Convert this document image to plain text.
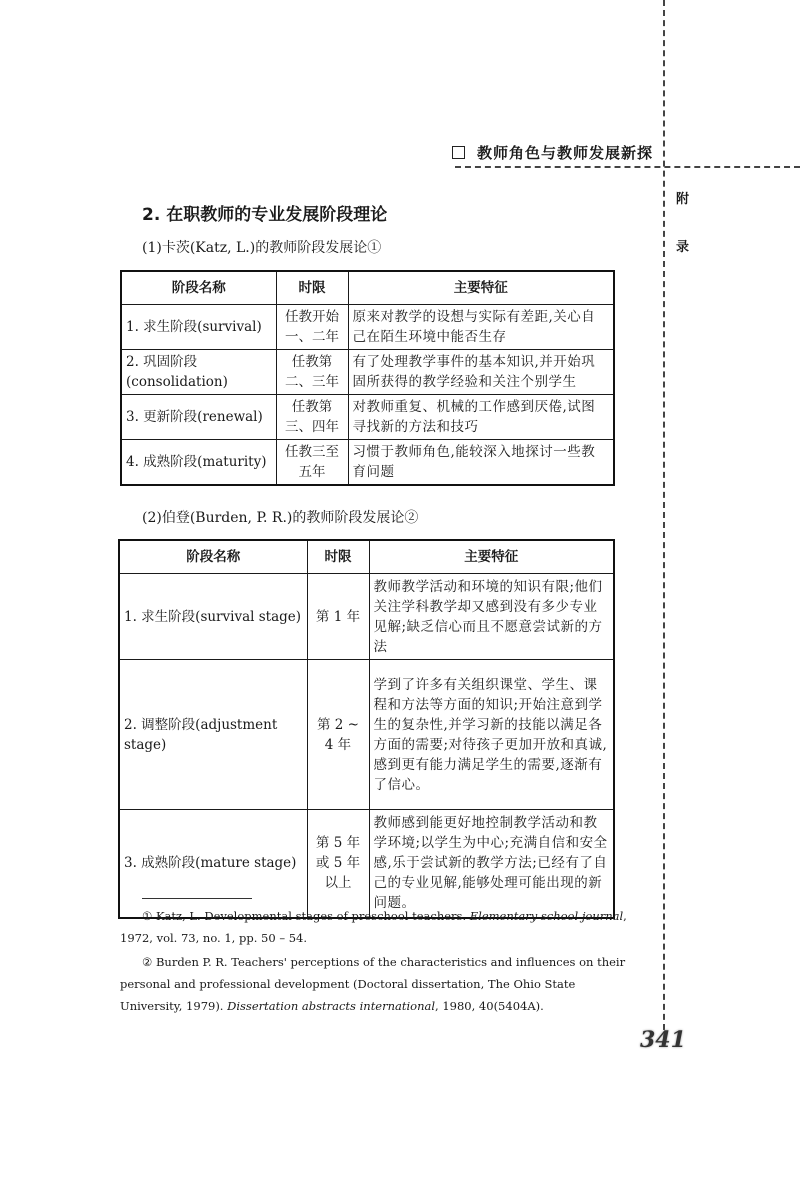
教师角色与教师发展新探
附
录
2. 在职教师的专业发展阶段理论
(1)卡茨(Katz, L.)的教师阶段发展论①
阶段名称	时限	主要特征
1. 求生阶段(survival)	任教开始一、二年	原来对教学的设想与实际有差距,关心自己在陌生环境中能否生存
2. 巩固阶段(consolidation)	任教第二、三年	有了处理教学事件的基本知识,并开始巩固所获得的教学经验和关注个别学生
3. 更新阶段(renewal)	任教第三、四年	对教师重复、机械的工作感到厌倦,试图寻找新的方法和技巧
4. 成熟阶段(maturity)	任教三至五年	习惯于教师角色,能较深入地探讨一些教育问题
(2)伯登(Burden, P. R.)的教师阶段发展论②
阶段名称	时限	主要特征
1. 求生阶段(survival stage)	第 1 年	教师教学活动和环境的知识有限;他们关注学科教学却又感到没有多少专业见解;缺乏信心而且不愿意尝试新的方法
2. 调整阶段(adjustment stage)	第 2 ~ 4 年	学到了许多有关组织课堂、学生、课程和方法等方面的知识;开始注意到学生的复杂性,并学习新的技能以满足各方面的需要;对待孩子更加开放和真诚,感到更有能力满足学生的需要,逐渐有了信心。
3. 成熟阶段(mature stage)	第 5 年或 5 年以上	教师感到能更好地控制教学活动和教学环境;以学生为中心;充满自信和安全感,乐于尝试新的教学方法;已经有了自己的专业见解,能够处理可能出现的新问题。
① Katz, L. Developmental stages of preschool teachers. Elementary school journal, 1972, vol. 73, no. 1, pp. 50 – 54.
② Burden P. R. Teachers' perceptions of the characteristics and influences on their personal and professional development (Doctoral dissertation, The Ohio State University, 1979). Dissertation abstracts international, 1980, 40(5404A).
341
